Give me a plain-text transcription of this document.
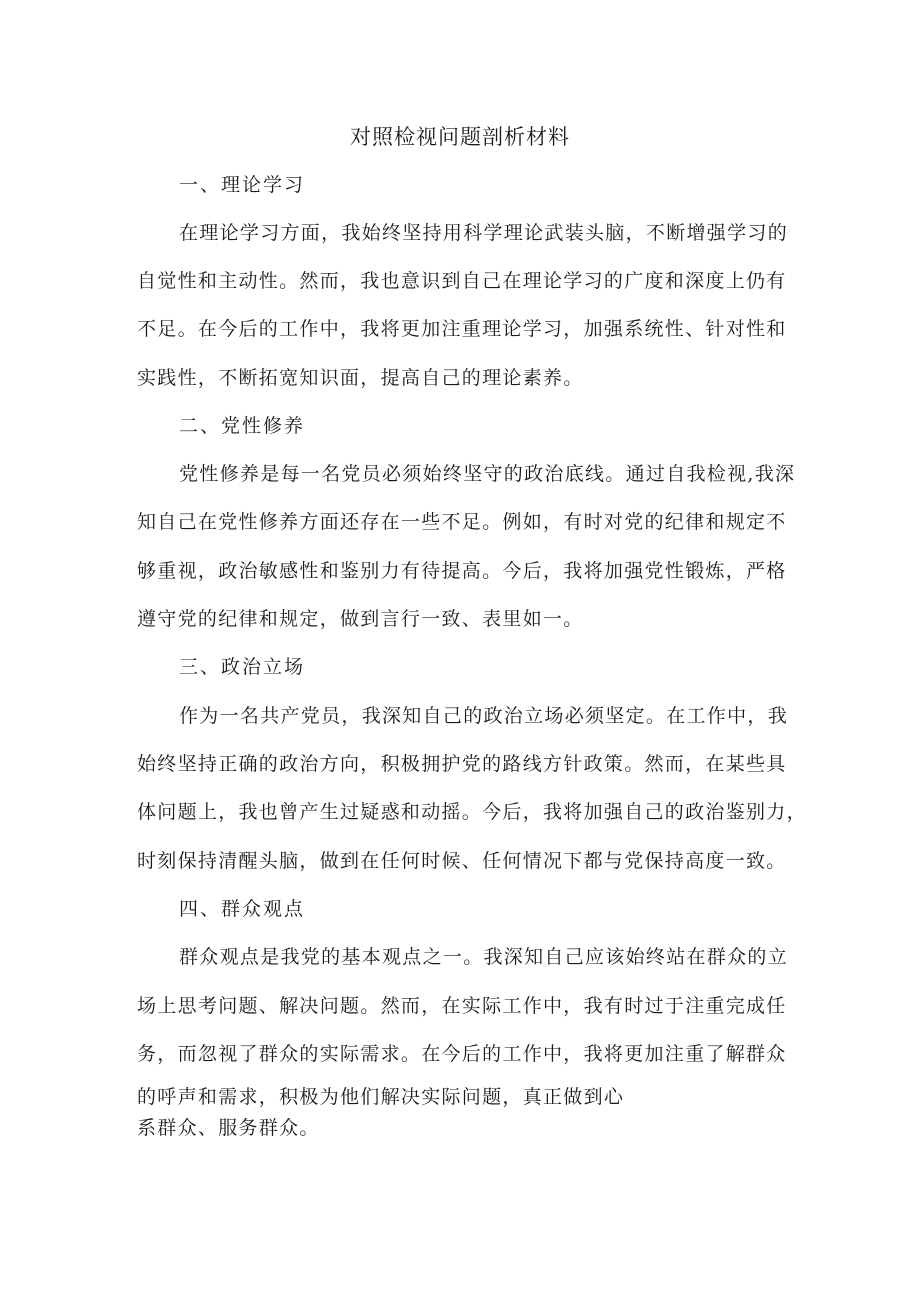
对照检视问题剖析材料
一、理论学习
在理论学习方面，我始终坚持用科学理论武装头脑，不断增强学习的
自觉性和主动性。然而，我也意识到自己在理论学习的广度和深度上仍有
不足。在今后的工作中，我将更加注重理论学习，加强系统性、针对性和
实践性，不断拓宽知识面，提高自己的理论素养。
二、党性修养
党性修养是每一名党员必须始终坚守的政治底线。通过自我检视,我深
知自己在党性修养方面还存在一些不足。例如，有时对党的纪律和规定不
够重视，政治敏感性和鉴别力有待提高。今后，我将加强党性锻炼，严格
遵守党的纪律和规定，做到言行一致、表里如一。
三、政治立场
作为一名共产党员，我深知自己的政治立场必须坚定。在工作中，我
始终坚持正确的政治方向，积极拥护党的路线方针政策。然而，在某些具
体问题上，我也曾产生过疑惑和动摇。今后，我将加强自己的政治鉴别力，
时刻保持清醒头脑，做到在任何时候、任何情况下都与党保持高度一致。
四、群众观点
群众观点是我党的基本观点之一。我深知自己应该始终站在群众的立
场上思考问题、解决问题。然而，在实际工作中，我有时过于注重完成任
务，而忽视了群众的实际需求。在今后的工作中，我将更加注重了解群众
的呼声和需求，积极为他们解决实际问题，真正做到心
系群众、服务群众。
